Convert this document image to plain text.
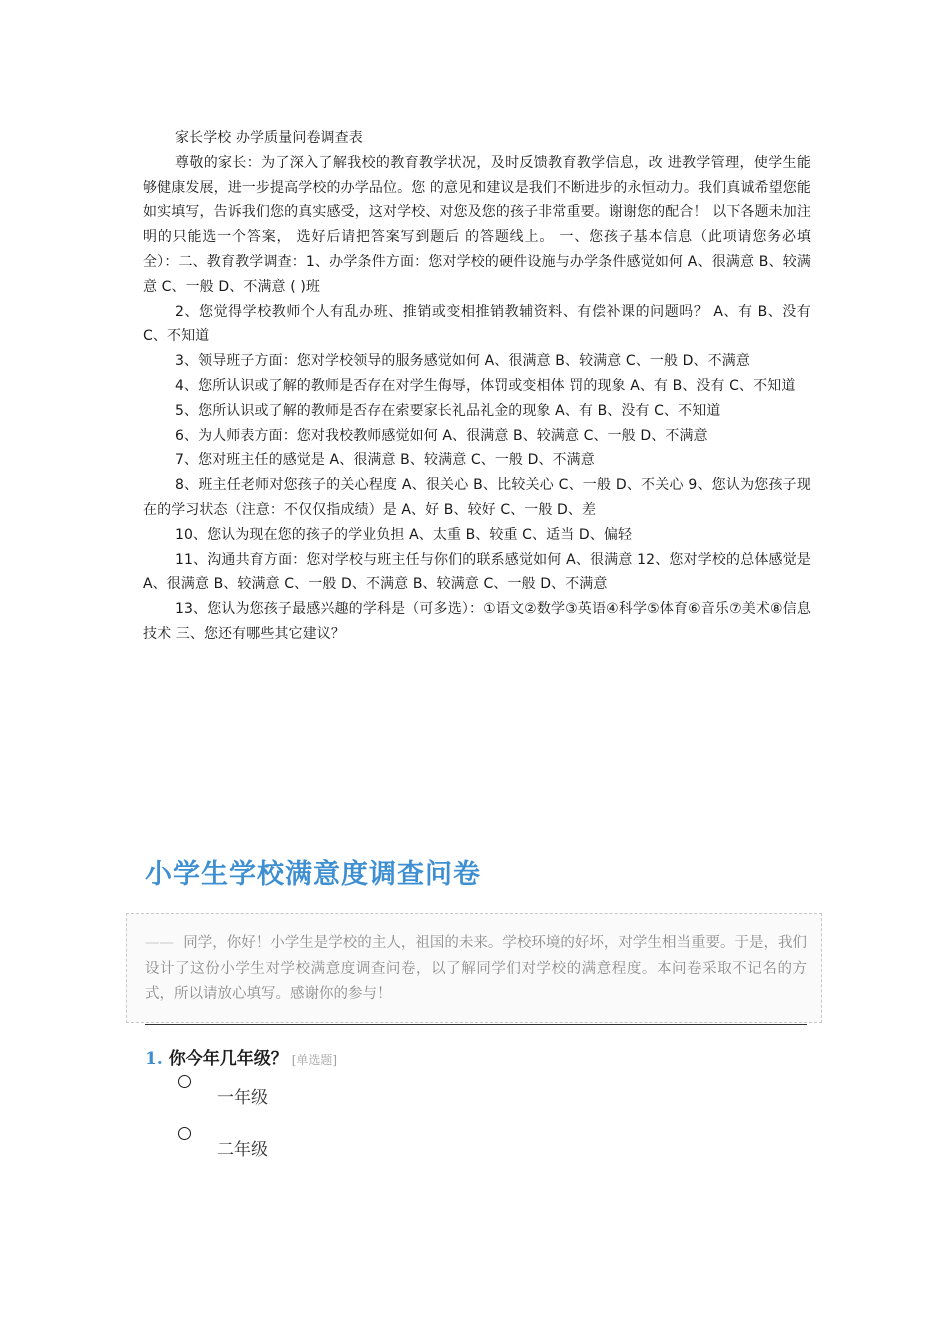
家长学校 办学质量问卷调查表

尊敬的家长：为了深入了解我校的教育教学状况，及时反馈教育教学信息，改 进教学管理，使学生能够健康发展，进一步提高学校的办学品位。您 的意见和建议是我们不断进步的永恒动力。我们真诚希望您能如实填写，告诉我们您的真实感受，这对学校、对您及您的孩子非常重要。谢谢您的配合！ 以下各题未加注明的只能选一个答案， 选好后请把答案写到题后 的答题线上。 一、您孩子基本信息（此项请您务必填全）：二、教育教学调查：1、办学条件方面：您对学校的硬件设施与办学条件感觉如何 A、很满意 B、较满意 C、一般 D、不满意 ( )班

2、您觉得学校教师个人有乱办班、推销或变相推销教辅资料、有偿补课的问题吗？ A、有 B、没有 C、不知道

3、领导班子方面：您对学校领导的服务感觉如何 A、很满意 B、较满意 C、一般 D、不满意

4、您所认识或了解的教师是否存在对学生侮辱，体罚或变相体 罚的现象 A、有 B、没有 C、不知道

5、您所认识或了解的教师是否存在索要家长礼品礼金的现象 A、有 B、没有 C、不知道

6、为人师表方面：您对我校教师感觉如何 A、很满意 B、较满意 C、一般 D、不满意

7、您对班主任的感觉是 A、很满意 B、较满意 C、一般 D、不满意

8、班主任老师对您孩子的关心程度 A、很关心 B、比较关心 C、一般 D、不关心 9、您认为您孩子现在的学习状态（注意：不仅仅指成绩）是 A、好 B、较好 C、一般 D、差

10、您认为现在您的孩子的学业负担 A、太重 B、较重 C、适当 D、偏轻

11、沟通共育方面：您对学校与班主任与你们的联系感觉如何 A、很满意 12、您对学校的总体感觉是 A、很满意 B、较满意 C、一般 D、不满意 B、较满意 C、一般 D、不满意

13、您认为您孩子最感兴趣的学科是（可多选）：①语文②数学③英语④科学⑤体育⑥音乐⑦美术⑧信息技术 三、您还有哪些其它建议？

小学生学校满意度调查问卷

—— 同学，你好！小学生是学校的主人，祖国的未来。学校环境的好坏，对学生相当重要。于是，我们设计了这份小学生对学校满意度调查问卷，以了解同学们对学校的满意程度。本问卷采取不记名的方式，所以请放心填写。感谢你的参与！

1. 你今年几年级？ [单选题]
一年级
二年级
